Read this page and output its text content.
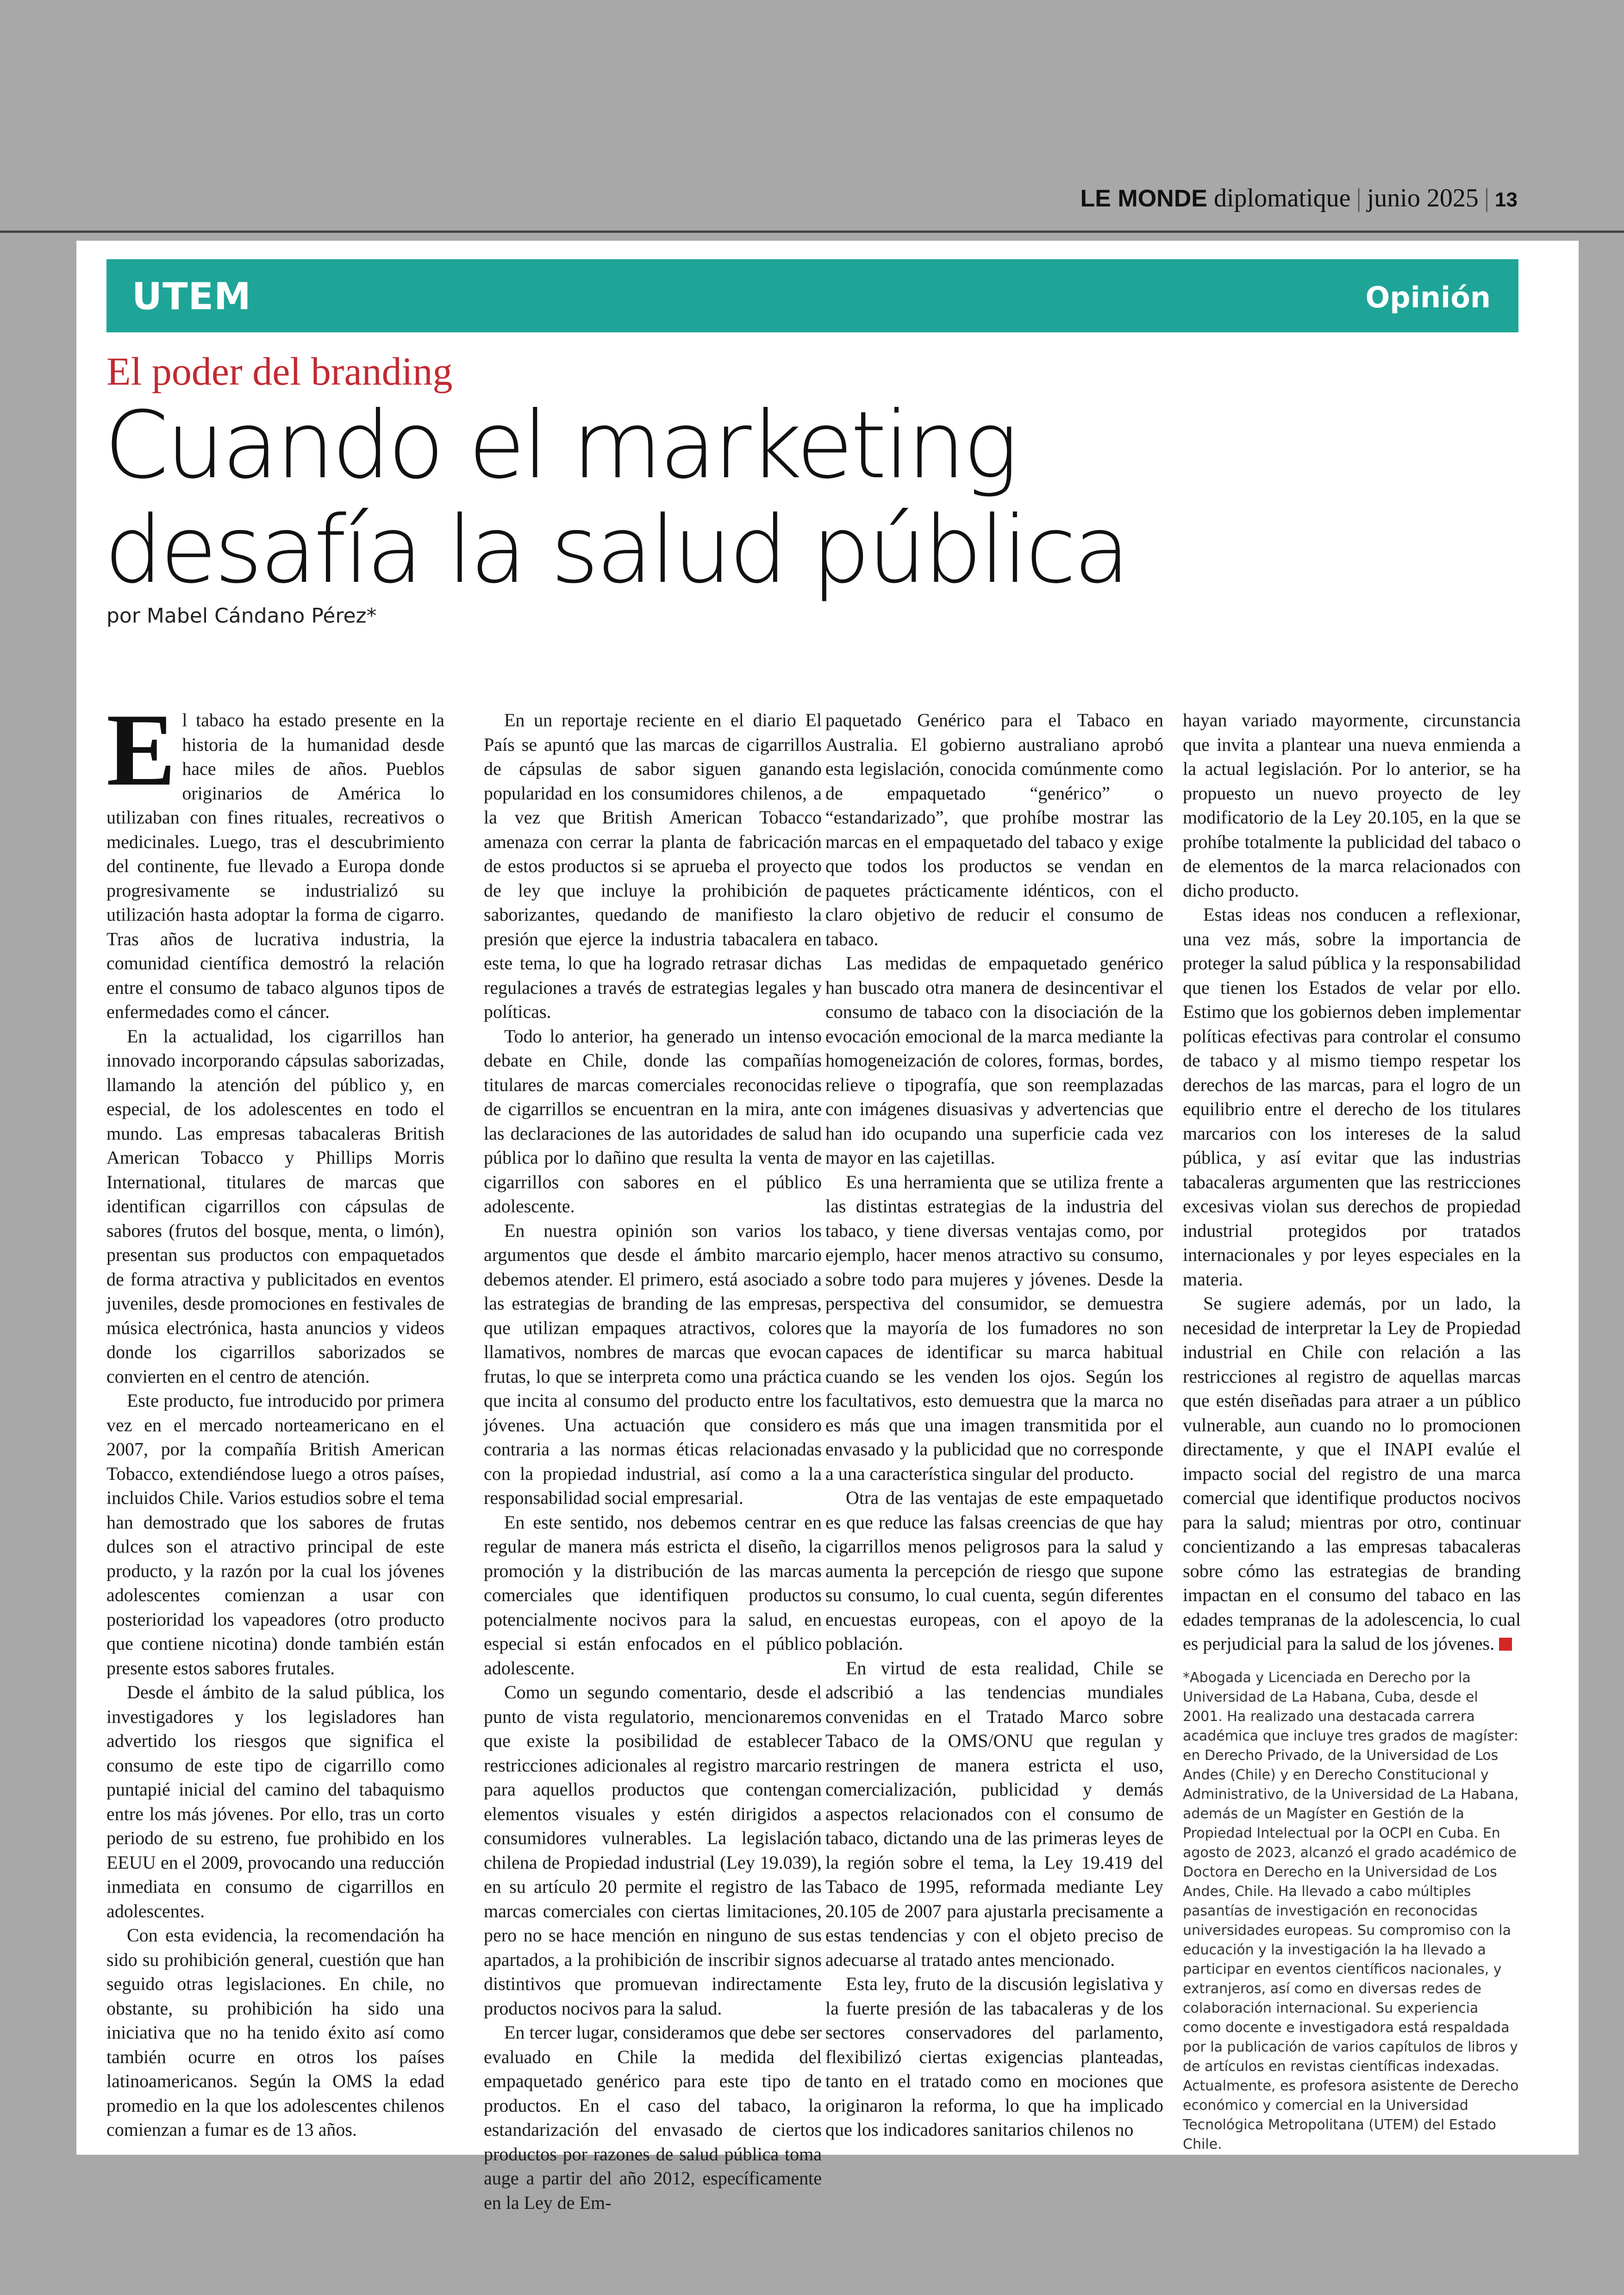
LE MONDE diplomatique | junio 2025 | 13
UTEM	Opinión
El poder del branding
Cuando el marketing
desafía la salud pública
por Mabel Cándano Pérez*

El tabaco ha estado presente en la historia de la humanidad desde hace miles de años. Pueblos originarios de América lo utilizaban con fines rituales, recreativos o medicinales. Luego, tras el descubrimiento del continente, fue llevado a Europa donde progresivamente se industrializó su utilización hasta adoptar la forma de cigarro. Tras años de lucrativa industria, la comunidad científica demostró la relación entre el consumo de tabaco algunos tipos de enfermedades como el cáncer.

En la actualidad, los cigarrillos han innovado incorporando cápsulas saborizadas, llamando la atención del público y, en especial, de los adolescentes en todo el mundo. Las empresas tabacaleras British American Tobacco y Phillips Morris International, titulares de marcas que identifican cigarrillos con cápsulas de sabores (frutos del bosque, menta, o limón), presentan sus productos con empaquetados de forma atractiva y publicitados en eventos juveniles, desde promociones en festivales de música electrónica, hasta anuncios y videos donde los cigarrillos saborizados se convierten en el centro de atención.

Este producto, fue introducido por primera vez en el mercado norteamericano en el 2007, por la compañía British American Tobacco, extendiéndose luego a otros países, incluidos Chile. Varios estudios sobre el tema han demostrado que los sabores de frutas dulces son el atractivo principal de este producto, y la razón por la cual los jóvenes adolescentes comienzan a usar con posterioridad los vapeadores (otro producto que contiene nicotina) donde también están presente estos sabores frutales.

Desde el ámbito de la salud pública, los investigadores y los legisladores han advertido los riesgos que significa el consumo de este tipo de cigarrillo como puntapié inicial del camino del tabaquismo entre los más jóvenes. Por ello, tras un corto periodo de su estreno, fue prohibido en los EEUU en el 2009, provocando una reducción inmediata en consumo de cigarrillos en adolescentes.

Con esta evidencia, la recomendación ha sido su prohibición general, cuestión que han seguido otras legislaciones. En chile, no obstante, su prohibición ha sido una iniciativa que no ha tenido éxito así como también ocurre en otros los países latinoamericanos. Según la OMS la edad promedio en la que los adolescentes chilenos comienzan a fumar es de 13 años.

En un reportaje reciente en el diario El País se apuntó que las marcas de cigarrillos de cápsulas de sabor siguen ganando popularidad en los consumidores chilenos, a la vez que British American Tobacco amenaza con cerrar la planta de fabricación de estos productos si se aprueba el proyecto de ley que incluye la prohibición de saborizantes, quedando de manifiesto la presión que ejerce la industria tabacalera en este tema, lo que ha logrado retrasar dichas regulaciones a través de estrategias legales y políticas.

Todo lo anterior, ha generado un intenso debate en Chile, donde las compañías titulares de marcas comerciales reconocidas de cigarrillos se encuentran en la mira, ante las declaraciones de las autoridades de salud pública por lo dañino que resulta la venta de cigarrillos con sabores en el público adolescente.

En nuestra opinión son varios los argumentos que desde el ámbito marcario debemos atender. El primero, está asociado a las estrategias de branding de las empresas, que utilizan empaques atractivos, colores llamativos, nombres de marcas que evocan frutas, lo que se interpreta como una práctica que incita al consumo del producto entre los jóvenes. Una actuación que considero contraria a las normas éticas relacionadas con la propiedad industrial, así como a la responsabilidad social empresarial.

En este sentido, nos debemos centrar en regular de manera más estricta el diseño, la promoción y la distribución de las marcas comerciales que identifiquen productos potencialmente nocivos para la salud, en especial si están enfocados en el público adolescente.

Como un segundo comentario, desde el punto de vista regulatorio, mencionaremos que existe la posibilidad de establecer restricciones adicionales al registro marcario para aquellos productos que contengan elementos visuales y estén dirigidos a consumidores vulnerables. La legislación chilena de Propiedad industrial (Ley 19.039), en su artículo 20 permite el registro de las marcas comerciales con ciertas limitaciones, pero no se hace mención en ninguno de sus apartados, a la prohibición de inscribir signos distintivos que promuevan indirectamente productos nocivos para la salud.

En tercer lugar, consideramos que debe ser evaluado en Chile la medida del empaquetado genérico para este tipo de productos. En el caso del tabaco, la estandarización del envasado de ciertos productos por razones de salud pública toma auge a partir del año 2012, específicamente en la Ley de Em-

paquetado Genérico para el Tabaco en Australia. El gobierno australiano aprobó esta legislación, conocida comúnmente como de empaquetado “genérico” o “estandarizado”, que prohíbe mostrar las marcas en el empaquetado del tabaco y exige que todos los productos se vendan en paquetes prácticamente idénticos, con el claro objetivo de reducir el consumo de tabaco.

Las medidas de empaquetado genérico han buscado otra manera de desincentivar el consumo de tabaco con la disociación de la evocación emocional de la marca mediante la homogeneización de colores, formas, bordes, relieve o tipografía, que son reemplazadas con imágenes disuasivas y advertencias que han ido ocupando una superficie cada vez mayor en las cajetillas.

Es una herramienta que se utiliza frente a las distintas estrategias de la industria del tabaco, y tiene diversas ventajas como, por ejemplo, hacer menos atractivo su consumo, sobre todo para mujeres y jóvenes. Desde la perspectiva del consumidor, se demuestra que la mayoría de los fumadores no son capaces de identificar su marca habitual cuando se les venden los ojos. Según los facultativos, esto demuestra que la marca no es más que una imagen transmitida por el envasado y la publicidad que no corresponde a una característica singular del producto.

Otra de las ventajas de este empaquetado es que reduce las falsas creencias de que hay cigarrillos menos peligrosos para la salud y aumenta la percepción de riesgo que supone su consumo, lo cual cuenta, según diferentes encuestas europeas, con el apoyo de la población.

En virtud de esta realidad, Chile se adscribió a las tendencias mundiales convenidas en el Tratado Marco sobre Tabaco de la OMS/ONU que regulan y restringen de manera estricta el uso, comercialización, publicidad y demás aspectos relacionados con el consumo de tabaco, dictando una de las primeras leyes de la región sobre el tema, la Ley 19.419 del Tabaco de 1995, reformada mediante Ley 20.105 de 2007 para ajustarla precisamente a estas tendencias y con el objeto preciso de adecuarse al tratado antes mencionado.

Esta ley, fruto de la discusión legislativa y la fuerte presión de las tabacaleras y de los sectores conservadores del parlamento, flexibilizó ciertas exigencias planteadas, tanto en el tratado como en mociones que originaron la reforma, lo que ha implicado que los indicadores sanitarios chilenos no

hayan variado mayormente, circunstancia que invita a plantear una nueva enmienda a la actual legislación. Por lo anterior, se ha propuesto un nuevo proyecto de ley modificatorio de la Ley 20.105, en la que se prohíbe totalmente la publicidad del tabaco o de elementos de la marca relacionados con dicho producto.

Estas ideas nos conducen a reflexionar, una vez más, sobre la importancia de proteger la salud pública y la responsabilidad que tienen los Estados de velar por ello. Estimo que los gobiernos deben implementar políticas efectivas para controlar el consumo de tabaco y al mismo tiempo respetar los derechos de las marcas, para el logro de un equilibrio entre el derecho de los titulares marcarios con los intereses de la salud pública, y así evitar que las industrias tabacaleras argumenten que las restricciones excesivas violan sus derechos de propiedad industrial protegidos por tratados internacionales y por leyes especiales en la materia.

Se sugiere además, por un lado, la necesidad de interpretar la Ley de Propiedad industrial en Chile con relación a las restricciones al registro de aquellas marcas que estén diseñadas para atraer a un público vulnerable, aun cuando no lo promocionen directamente, y que el INAPI evalúe el impacto social del registro de una marca comercial que identifique productos nocivos para la salud; mientras por otro, continuar concientizando a las empresas tabacaleras sobre cómo las estrategias de branding impactan en el consumo del tabaco en las edades tempranas de la adolescencia, lo cual es perjudicial para la salud de los jóvenes.

*Abogada y Licenciada en Derecho por la Universidad de La Habana, Cuba, desde el 2001. Ha realizado una destacada carrera académica que incluye tres grados de magíster: en Derecho Privado, de la Universidad de Los Andes (Chile) y en Derecho Constitucional y Administrativo, de la Universidad de La Habana, además de un Magíster en Gestión de la Propiedad Intelectual por la OCPI en Cuba. En agosto de 2023, alcanzó el grado académico de Doctora en Derecho en la Universidad de Los Andes, Chile. Ha llevado a cabo múltiples pasantías de investigación en reconocidas universidades europeas. Su compromiso con la educación y la investigación la ha llevado a participar en eventos científicos nacionales, y extranjeros, así como en diversas redes de colaboración internacional. Su experiencia como docente e investigadora está respaldada por la publicación de varios capítulos de libros y de artículos en revistas científicas indexadas. Actualmente, es profesora asistente de Derecho económico y comercial en la Universidad Tecnológica Metropolitana (UTEM) del Estado Chile.
